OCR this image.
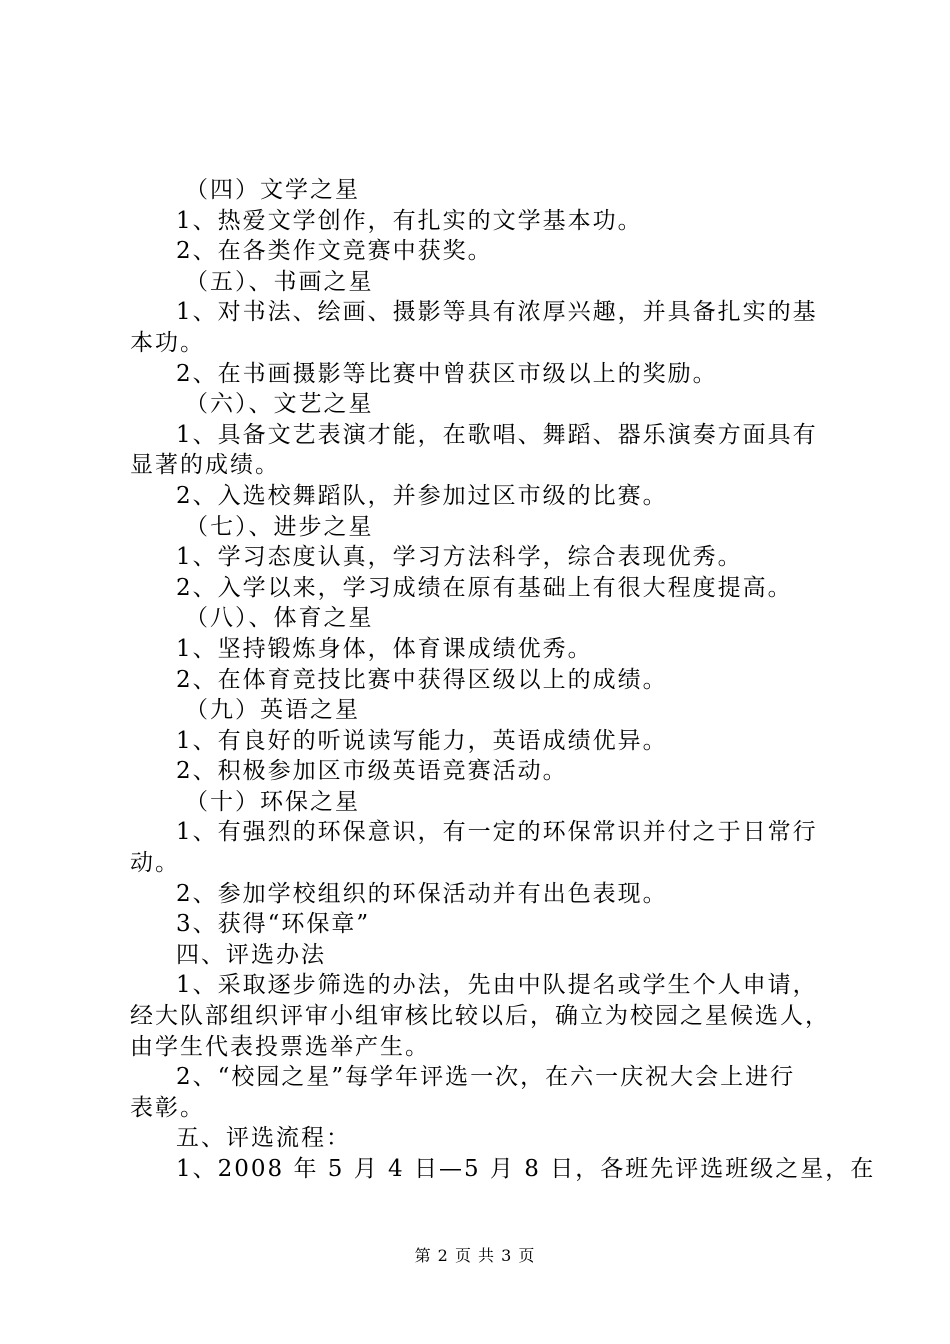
（四）文学之星
1、热爱文学创作，有扎实的文学基本功。
2、在各类作文竞赛中获奖。
（五）、书画之星
1、对书法、绘画、摄影等具有浓厚兴趣，并具备扎实的基
本功。
2、在书画摄影等比赛中曾获区市级以上的奖励。
（六）、文艺之星
1、具备文艺表演才能，在歌唱、舞蹈、器乐演奏方面具有
显著的成绩。
2、入选校舞蹈队，并参加过区市级的比赛。
（七）、进步之星
1、学习态度认真，学习方法科学，综合表现优秀。
2、入学以来，学习成绩在原有基础上有很大程度提高。
（八）、体育之星
1、坚持锻炼身体，体育课成绩优秀。
2、在体育竞技比赛中获得区级以上的成绩。
（九）英语之星
1、有良好的听说读写能力，英语成绩优异。
2、积极参加区市级英语竞赛活动。
（十）环保之星
1、有强烈的环保意识，有一定的环保常识并付之于日常行
动。
2、参加学校组织的环保活动并有出色表现。
3、获得“环保章”
四、评选办法
1、采取逐步筛选的办法，先由中队提名或学生个人申请，
经大队部组织评审小组审核比较以后，确立为校园之星候选人，
由学生代表投票选举产生。
2、“校园之星”每学年评选一次，在六一庆祝大会上进行
表彰。
五、评选流程：
1、2008 年 5 月 4 日—5 月 8 日，各班先评选班级之星，在
第 2 页 共 3 页
